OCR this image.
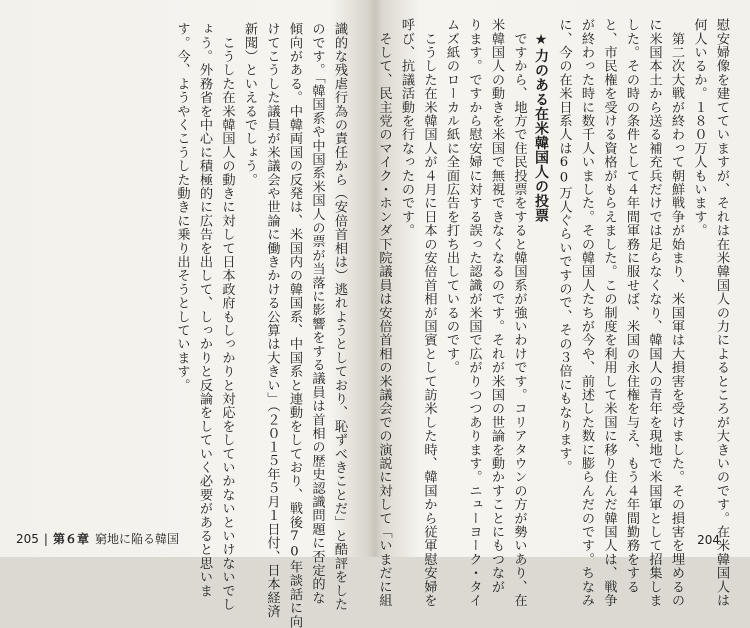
識的な残虐行為の責任から（安倍首相は）逃れようとしており、恥ずべきことだ」と酷評をした

のです。「韓国系や中国系米国人の票が当落に影響をする議員は首相の歴史認識問題に否定的な

傾向がある。中韓両国の反発は、米国内の韓国系、中国系と連動をしており、戦後70年談話に向

けてこうした議員が米議会や世論に働きかける公算は大きい」（２０１５年５月１日付、日本経済

新聞）といえるでしょう。

　こうした在米韓国人の動きに対して日本政府もしっかりと対応をしていかないといけないでし

ょう。外務省を中心に積極的に広告を出して、しっかりと反論をしていく必要があると思いま

す。今、ようやくこうした動きに乗り出そうとしています。

205 | 第６章 窮地に陥る韓国	慰安婦像を建てていますが、それは在米韓国人の力によるところが大きいのです。在米韓国人は

何人いるか。１８０万人もいます。

　第二次大戦が終わって朝鮮戦争が始まり、米国軍は大損害を受けました。その損害を埋めるの

に米国本土から送る補充兵だけでは足らなくなり、韓国人の青年を現地で米国軍として招集しま

した。その時の条件として４年間軍務に服せば、米国の永住権を与え、もう４年間勤務をする

と、市民権を受ける資格がもらえました。この制度を利用して米国に移り住んだ韓国人は、戦争

が終わった時に数千人いました。その韓国人たちが今や、前述した数に膨らんだのです。ちなみ

に、今の在米日系人は60万人ぐらいですので、その３倍にもなります。

★力のある在米韓国人の投票

　ですから、地方で住民投票をすると韓国系が強いわけです。コリアタウンの方が勢いあり、在

米韓国人の動きを米国で無視できなくなるのです。それが米国の世論を動かすことにもつなが

ります。ですから慰安婦に対する誤った認識が米国で広がりつつあります。ニューヨーク・タイ

ムズ紙のローカル紙に全面広告を打ち出しているのです。

　こうした在米韓国人が４月に日本の安倍首相が国賓として訪米した時、韓国から従軍慰安婦を

呼び、抗議活動を行なったのです。

　そして、民主党のマイク・ホンダ下院議員は安倍首相の米議会での演説に対して「いまだに組	204
